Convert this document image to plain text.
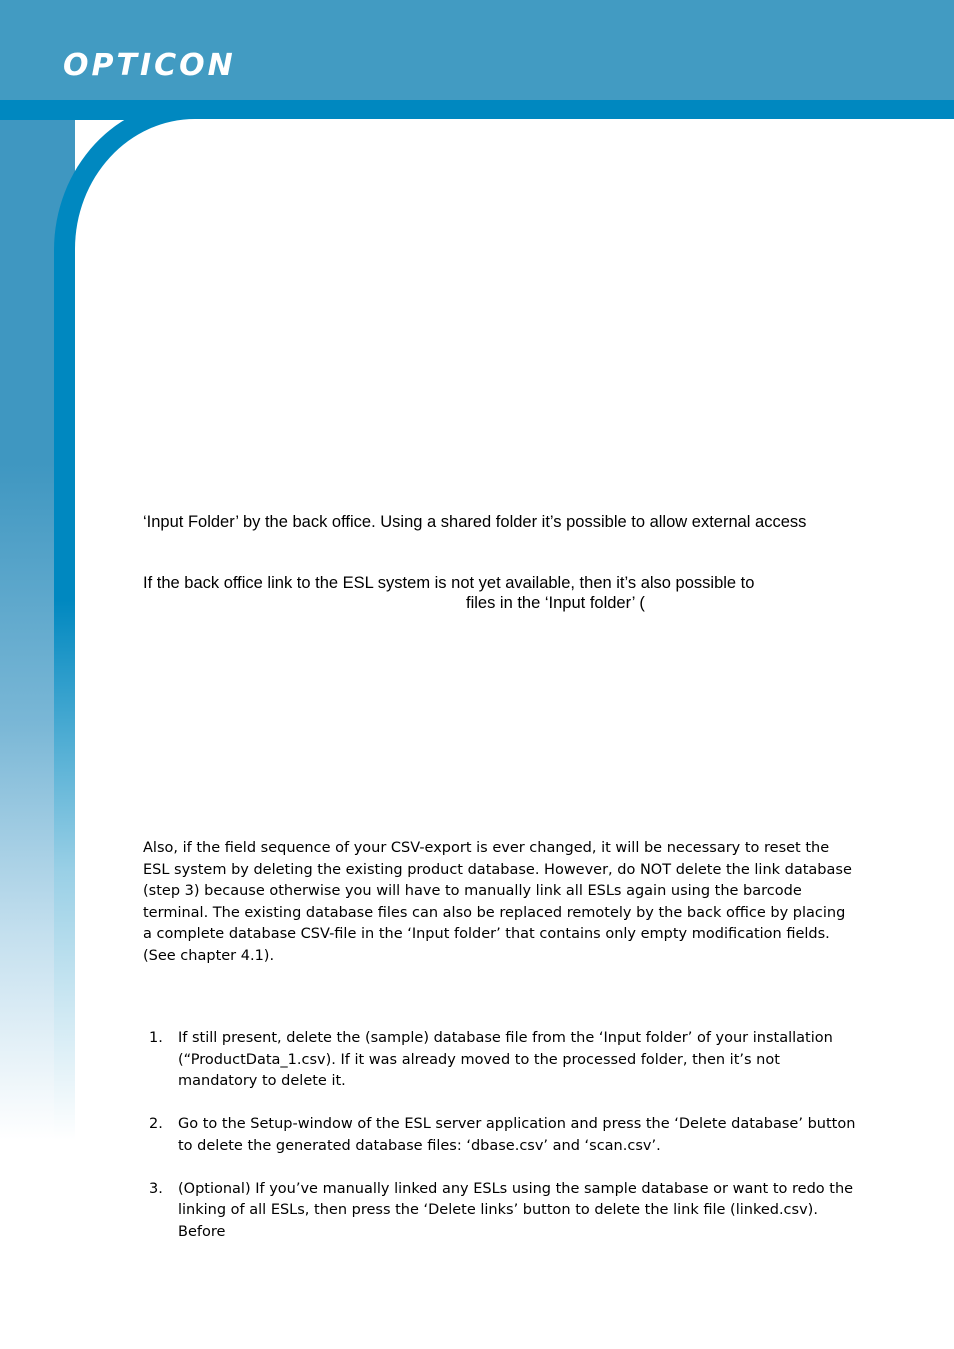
OPTICON
‘Input Folder’ by the back office. Using a shared folder it’s possible to allow external access
If the back office link to the ESL system is not yet available, then it’s also possible to
files in the ‘Input folder’ (
Also, if the field sequence of your CSV-export is ever changed, it will be necessary to reset the ESL system by deleting the existing product database. However, do NOT delete the link database (step 3) because otherwise you will have to manually link all ESLs again using the barcode terminal. The existing database files can also be replaced remotely by the back office by placing a complete database CSV-file in the ‘Input folder’ that contains only empty modification fields. (See chapter 4.1).
1. If still present, delete the (sample) database file from the ‘Input folder’ of your installation (“ProductData_1.csv). If it was already moved to the processed folder, then it’s not mandatory to delete it.
2. Go to the Setup-window of the ESL server application and press the ‘Delete database’ button to delete the generated database files: ‘dbase.csv’ and ‘scan.csv’.
3. (Optional) If you’ve manually linked any ESLs using the sample database or want to redo the linking of all ESLs, then press the ‘Delete links’ button to delete the link file (linked.csv). Before
